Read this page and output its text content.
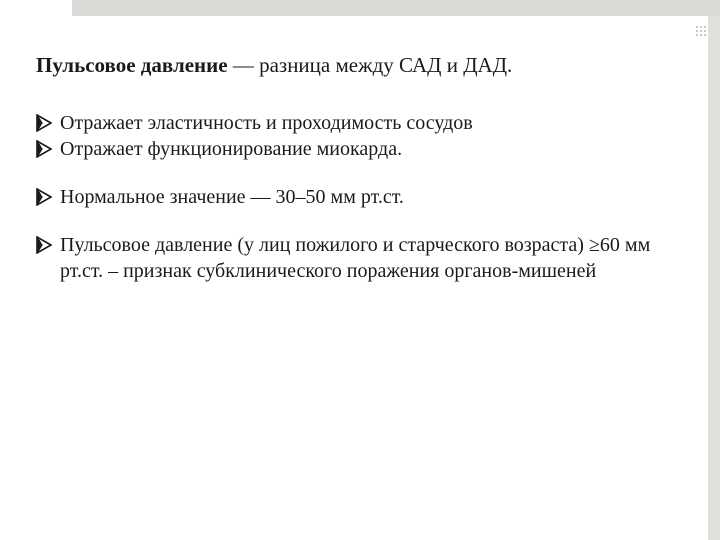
Пульсовое давление — разница между САД и ДАД.

Отражает эластичность и проходимость сосудов
Отражает функционирование миокарда.
Нормальное значение — 30–50 мм рт.ст.
Пульсовое давление (у лиц пожилого и старческого возраста) ≥60 мм рт.ст. – признак субклинического поражения органов-мишеней
